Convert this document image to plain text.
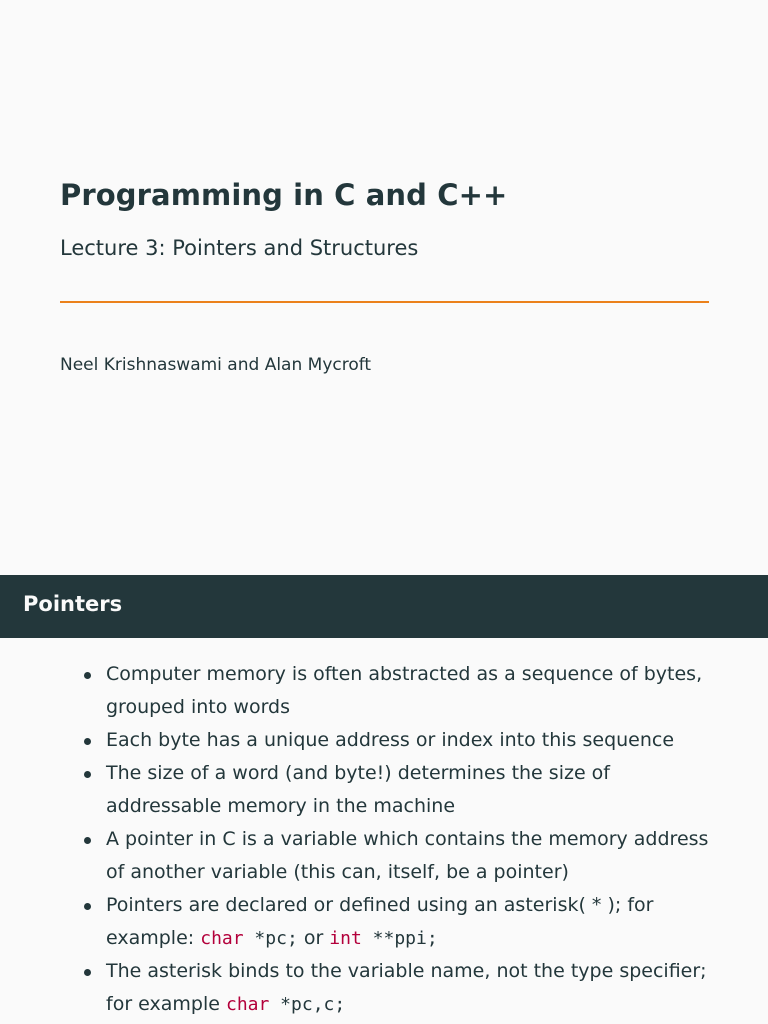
Programming in C and C++
Lecture 3: Pointers and Structures
Neel Krishnaswami and Alan Mycroft
Pointers
Computer memory is often abstracted as a sequence of bytes, grouped into words
Each byte has a unique address or index into this sequence
The size of a word (and byte!) determines the size of addressable memory in the machine
A pointer in C is a variable which contains the memory address of another variable (this can, itself, be a pointer)
Pointers are declared or defined using an asterisk( * ); for example: char *pc; or int **ppi;
The asterisk binds to the variable name, not the type specifier; for example char *pc,c;
